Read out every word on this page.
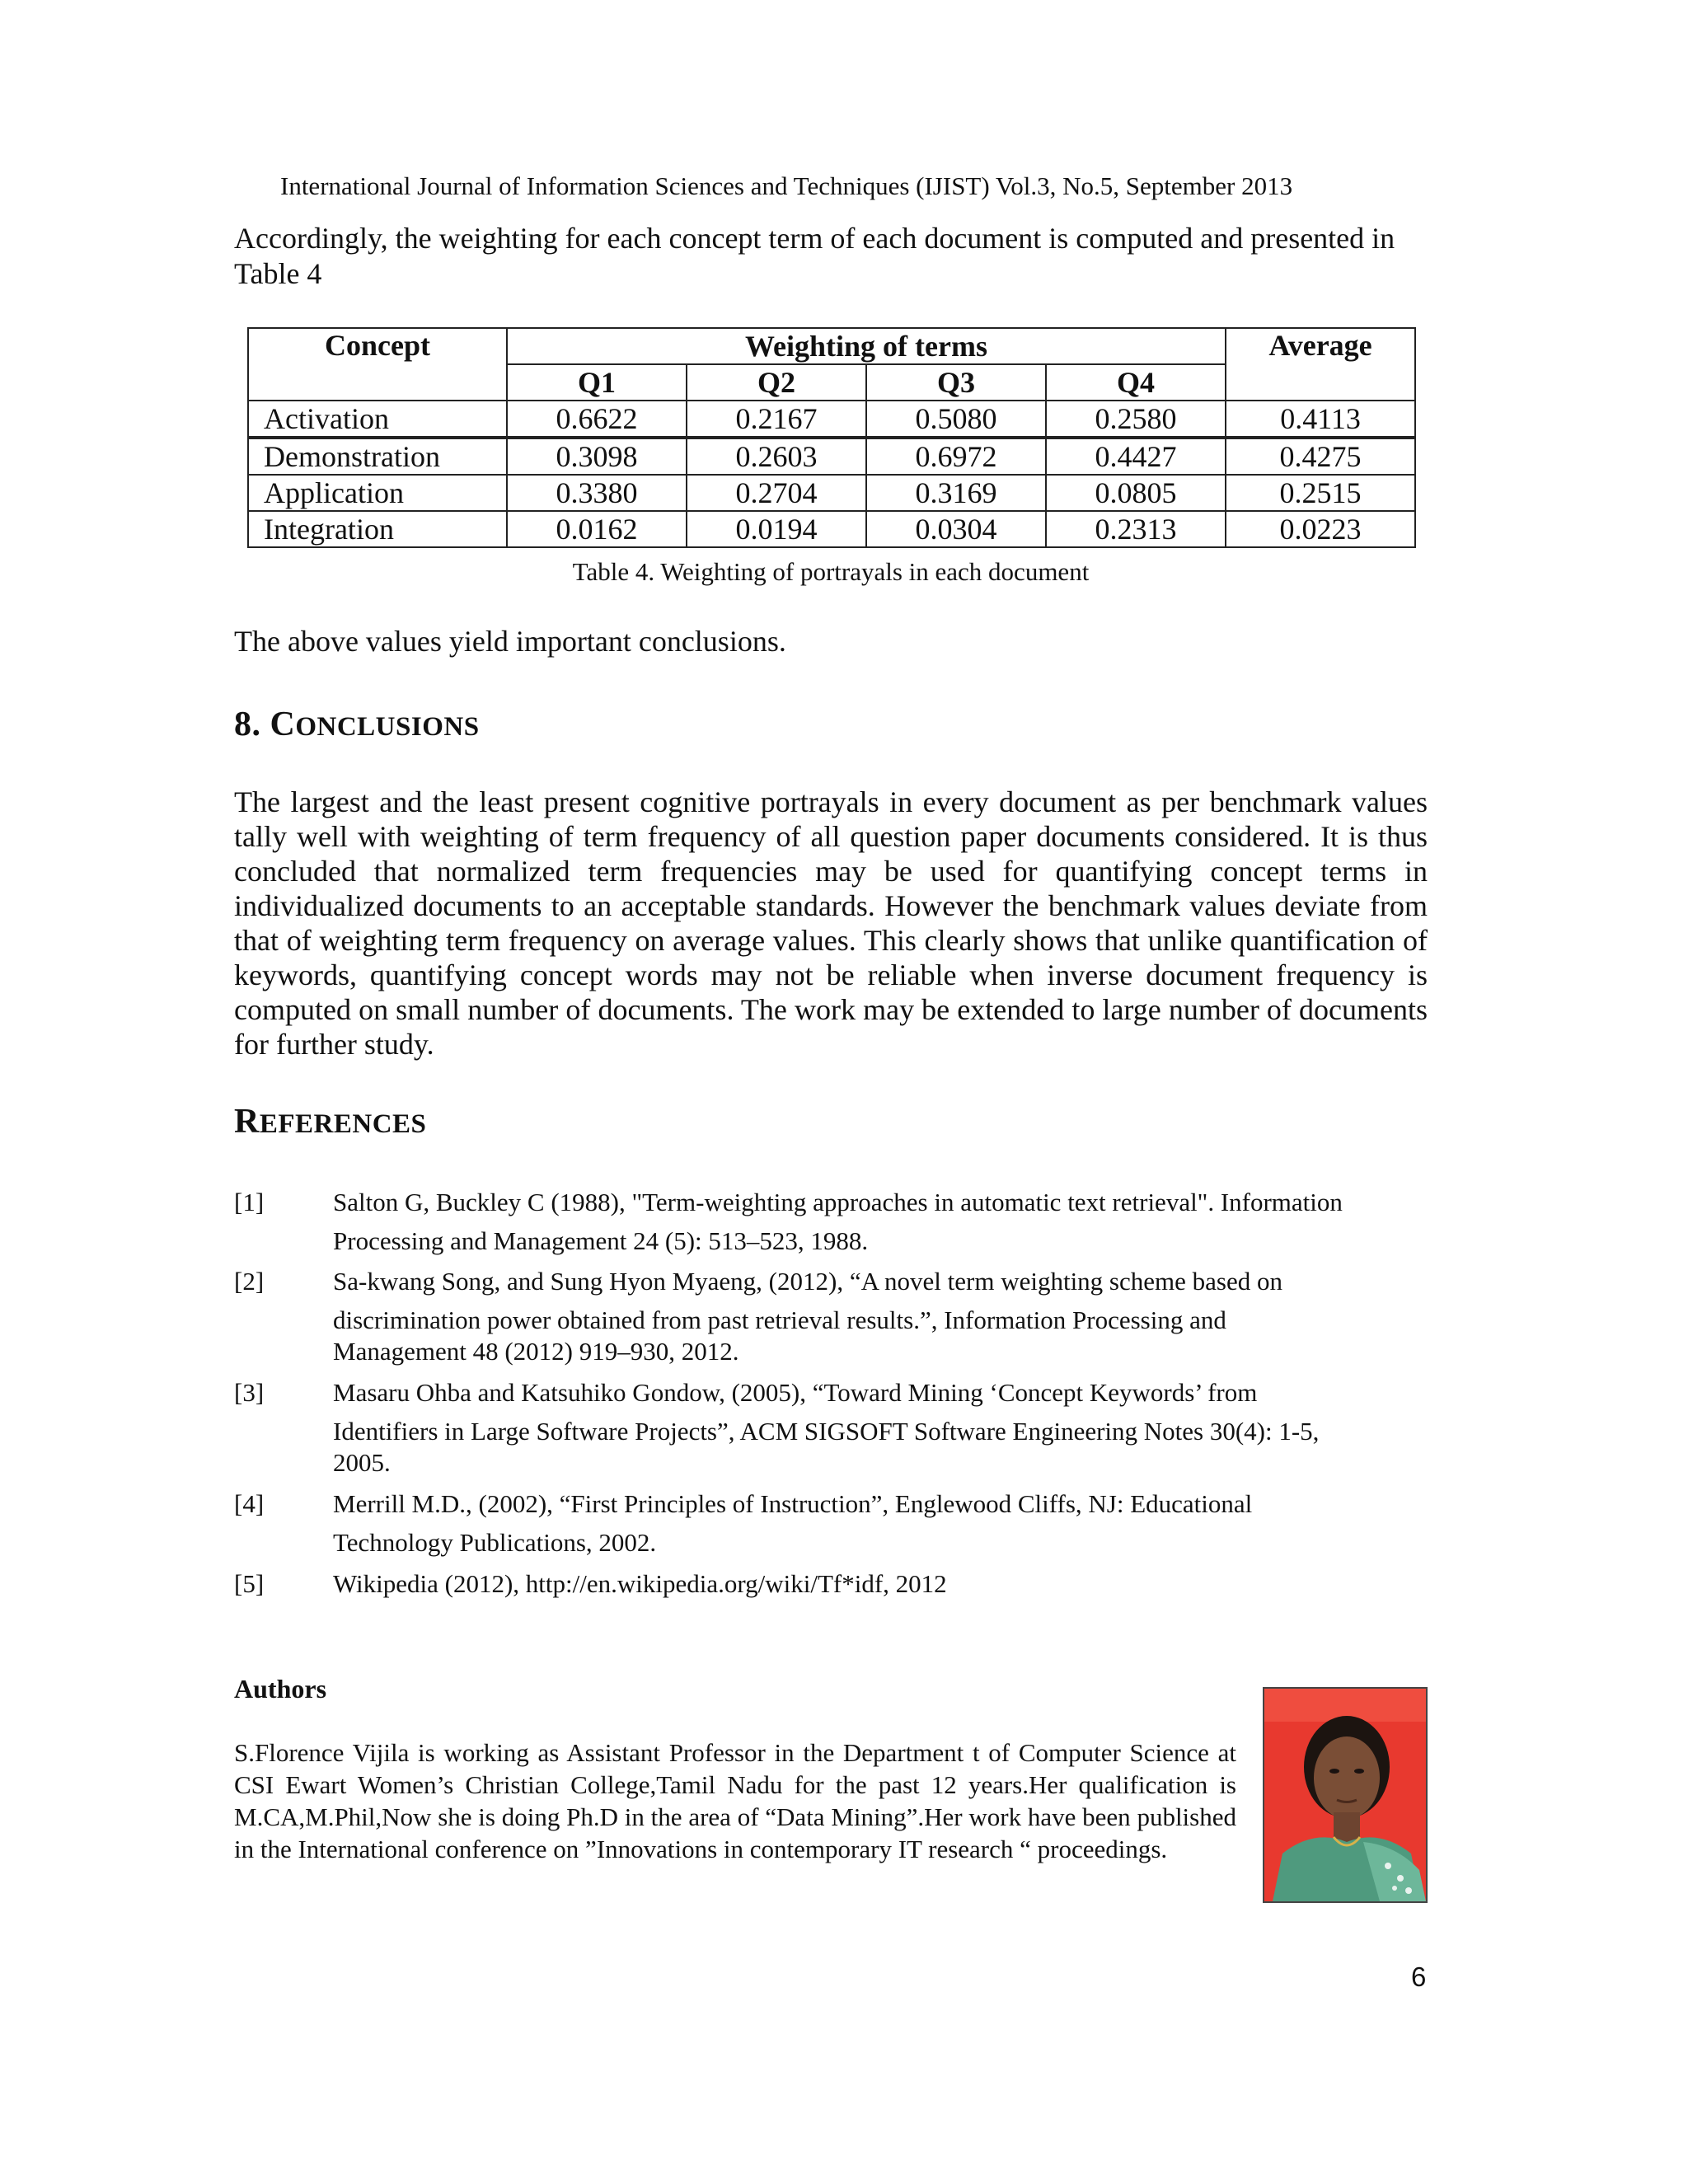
International Journal of Information Sciences and Techniques (IJIST) Vol.3, No.5, September 2013
Accordingly, the weighting for each concept term of each document is computed and presented in Table 4
Concept	Weighting of terms				Average
	Q1	Q2	Q3	Q4	
Activation	0.6622	0.2167	0.5080	0.2580	0.4113
Demonstration	0.3098	0.2603	0.6972	0.4427	0.4275
Application	0.3380	0.2704	0.3169	0.0805	0.2515
Integration	0.0162	0.0194	0.0304	0.2313	0.0223
Table 4. Weighting of portrayals in each document
The above values yield important conclusions.
8. CONCLUSIONS
The largest and the least present cognitive portrayals in every document as per benchmark values tally well with weighting of term frequency of all question paper documents considered. It is thus concluded that normalized term frequencies may be used for quantifying concept terms in individualized documents to an acceptable standards. However the benchmark values deviate from that of weighting term frequency on average values. This clearly shows that unlike quantification of keywords, quantifying concept words may not be reliable when inverse document frequency is computed on small number of documents. The work may be extended to large number of documents for further study.
REFERENCES
[1]	Salton G, Buckley C (1988), "Term-weighting approaches in automatic text retrieval". Information
Processing and Management 24 (5): 513–523, 1988.
[2]	Sa-kwang Song, and Sung Hyon Myaeng, (2012), “A novel term weighting scheme based on
discrimination power obtained from past retrieval results.”, Information Processing and
Management 48 (2012) 919–930, 2012.
[3]	Masaru Ohba and Katsuhiko Gondow, (2005), “Toward Mining ‘Concept Keywords’ from
Identifiers in Large Software Projects”, ACM SIGSOFT Software Engineering Notes 30(4): 1-5,
2005.
[4]	Merrill M.D., (2002), “First Principles of Instruction”, Englewood Cliffs, NJ: Educational
Technology Publications, 2002.
[5]	Wikipedia (2012), http://en.wikipedia.org/wiki/Tf*idf, 2012
Authors
S.Florence Vijila is working as Assistant Professor in the Department t of Computer Science at CSI Ewart Women’s Christian College,Tamil Nadu for the past 12 years.Her qualification is M.CA,M.Phil,Now she is doing Ph.D in the area of “Data Mining”.Her work have been published in the International conference on ”Innovations in contemporary IT research “ proceedings.
6
